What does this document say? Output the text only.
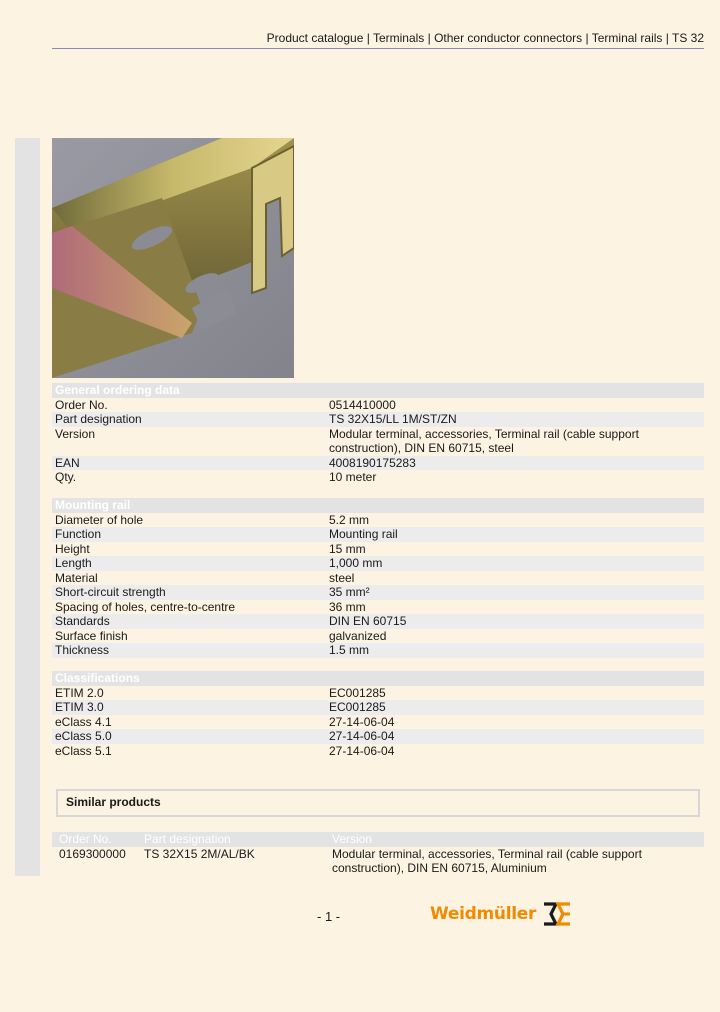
Product catalogue | Terminals | Other conductor connectors | Terminal rails | TS 32
General ordering data
Order No.	0514410000
Part designation	TS 32X15/LL 1M/ST/ZN
Version	Modular terminal, accessories, Terminal rail (cable support construction), DIN EN 60715, steel
EAN	4008190175283
Qty.	10 meter
Mounting rail
Diameter of hole	5.2 mm
Function	Mounting rail
Height	15 mm
Length	1,000 mm
Material	steel
Short-circuit strength	35 mm²
Spacing of holes, centre-to-centre	36 mm
Standards	DIN EN 60715
Surface finish	galvanized
Thickness	1.5 mm
Classifications
ETIM 2.0	EC001285
ETIM 3.0	EC001285
eClass 4.1	27-14-06-04
eClass 5.0	27-14-06-04
eClass 5.1	27-14-06-04
Similar products
Order No.	Part designation	Version
0169300000	TS 32X15 2M/AL/BK	Modular terminal, accessories, Terminal rail (cable support construction), DIN EN 60715, Aluminium
- 1 -	Weidmüller
